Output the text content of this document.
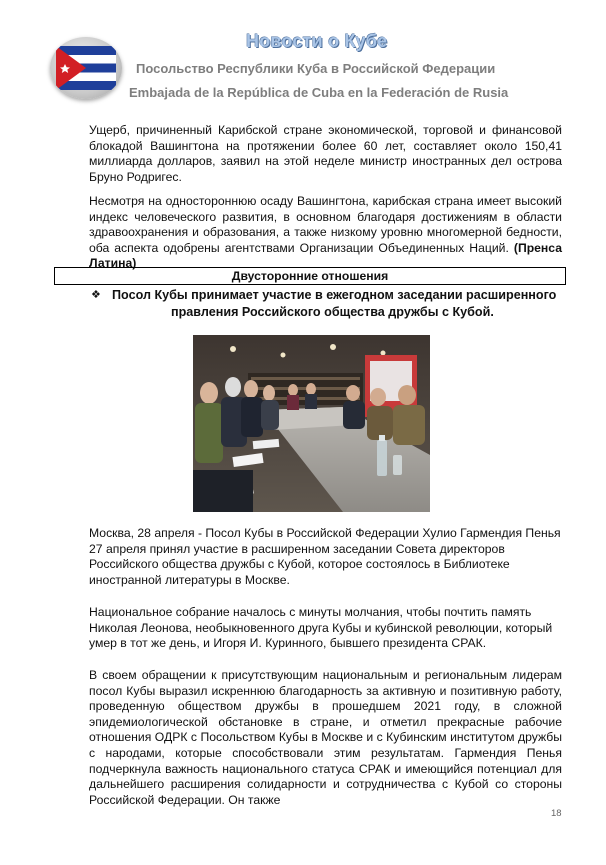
Новости о Кубе
Посольство Республики Куба в Российской Федерации
Embajada de la República de Cuba en la Federación de Rusia

Ущерб, причиненный Карибской стране экономической, торговой и финансовой блокадой Вашингтона на протяжении более 60 лет, составляет около 150,41 миллиарда долларов, заявил на этой неделе министр иностранных дел острова Бруно Родригес.

Несмотря на одностороннюю осаду Вашингтона, карибская страна имеет высокий индекс человеческого развития, в основном благодаря достижениям в области здравоохранения и образования, а также низкому уровню многомерной бедности, оба аспекта одобрены агентствами Организации Объединенных Наций. (Пренса Латина)

Двусторонние отношения
❖ Посол Кубы принимает участие в ежегодном заседании расширенного
правления Российского общества дружбы с Кубой.

Москва, 28 апреля - Посол Кубы в Российской Федерации Хулио Гармендия Пенья 27 апреля принял участие в расширенном заседании Совета директоров Российского общества дружбы с Кубой, которое состоялось в Библиотеке иностранной литературы в Москве.

Национальное собрание началось с минуты молчания, чтобы почтить память Николая Леонова, необыкновенного друга Кубы и кубинской революции, который умер в тот же день, и Игоря И. Куринного, бывшего президента СРАК.

В своем обращении к присутствующим национальным и региональным лидерам посол Кубы выразил искреннюю благодарность за активную и позитивную работу, проведенную обществом дружбы в прошедшем 2021 году, в сложной эпидемиологической обстановке в стране, и отметил прекрасные рабочие отношения ОДРК с Посольством Кубы в Москве и с Кубинским институтом дружбы с народами, которые способствовали этим результатам. Гармендия Пенья подчеркнула важность национального статуса СРАК и имеющийся потенциал для дальнейшего расширения солидарности и сотрудничества с Кубой со стороны Российской Федерации. Он также

18
